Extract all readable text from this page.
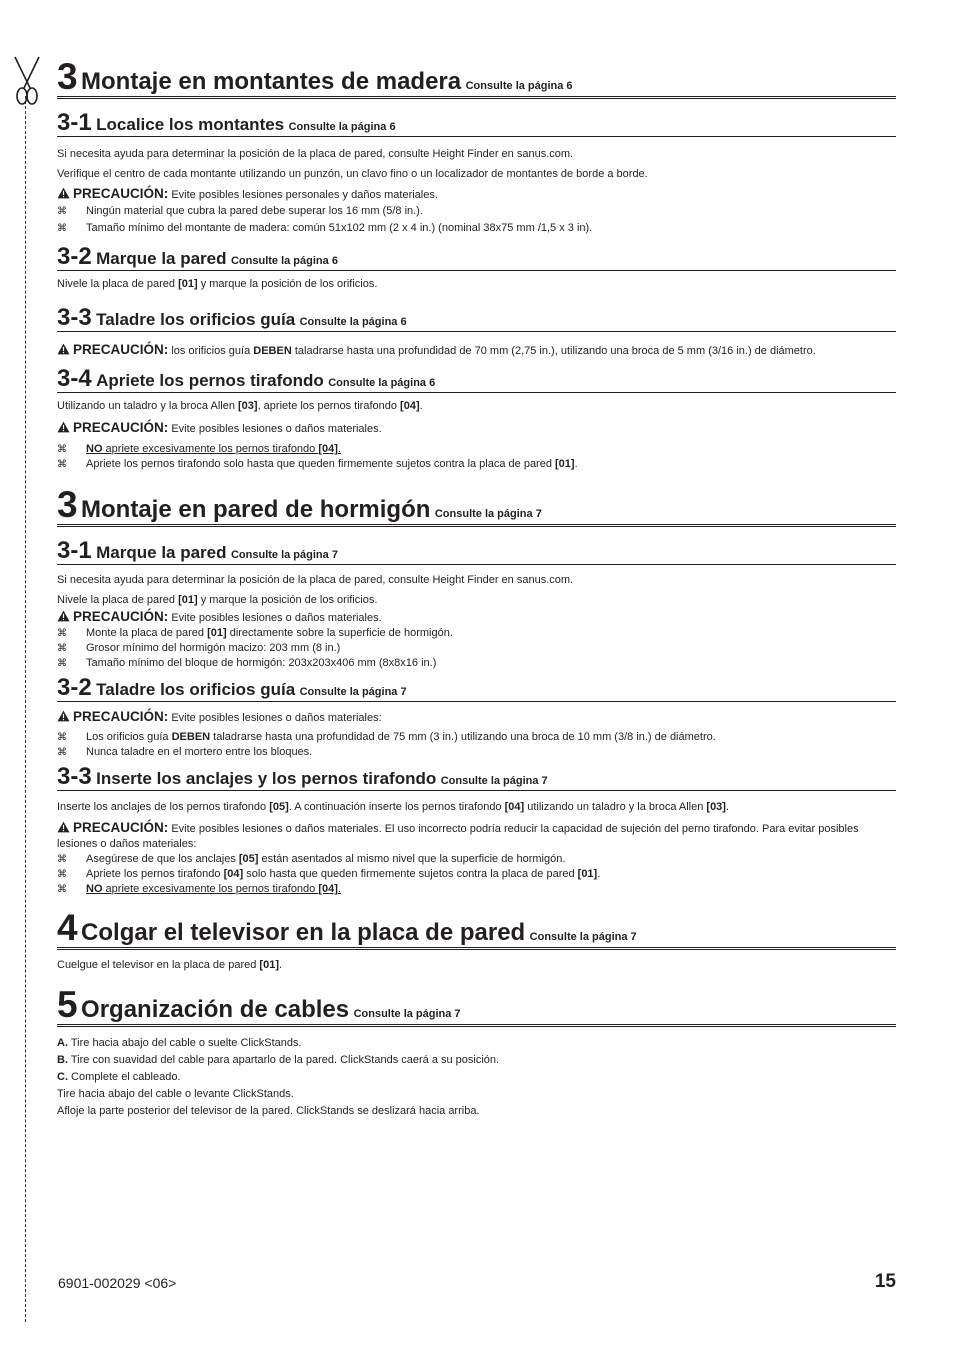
3 Montaje en montantes de madera Consulte la página 6
3-1 Localice los montantes Consulte la página 6

Si necesita ayuda para determinar la posición de la placa de pared, consulte Height Finder en sanus.com.

Verifique el centro de cada montante utilizando un punzón, un clavo fino o un localizador de montantes de borde a borde.

PRECAUCIÓN: Evite posibles lesiones personales y daños materiales.

⌘ Ningún material que cubra la pared debe superar los 16 mm (5/8 in.).
⌘ Tamaño mínimo del montante de madera: común 51x102 mm (2 x 4 in.) (nominal 38x75 mm /1,5 x 3 in).
3-2 Marque la pared Consulte la página 6

Nivele la placa de pared [01] y marque la posición de los orificios.

3-3 Taladre los orificios guía Consulte la página 6

PRECAUCIÓN: los orificios guía DEBEN taladrarse hasta una profundidad de 70 mm (2,75 in.), utilizando una broca de 5 mm (3/16 in.) de diámetro.

3-4 Apriete los pernos tirafondo Consulte la página 6

Utilizando un taladro y la broca Allen [03], apriete los pernos tirafondo [04].

PRECAUCIÓN: Evite posibles lesiones o daños materiales.

⌘ NO apriete excesivamente los pernos tirafondo [04].
⌘ Apriete los pernos tirafondo solo hasta que queden firmemente sujetos contra la placa de pared [01].
3 Montaje en pared de hormigón Consulte la página 7
3-1 Marque la pared Consulte la página 7

Si necesita ayuda para determinar la posición de la placa de pared, consulte Height Finder en sanus.com.

Nivele la placa de pared [01] y marque la posición de los orificios.

PRECAUCIÓN: Evite posibles lesiones o daños materiales.

⌘ Monte la placa de pared [01] directamente sobre la superficie de hormigón.
⌘ Grosor mínimo del hormigón macizo: 203 mm (8 in.)
⌘ Tamaño mínimo del bloque de hormigón: 203x203x406 mm (8x8x16 in.)
3-2 Taladre los orificios guía Consulte la página 7

PRECAUCIÓN: Evite posibles lesiones o daños materiales:

⌘ Los orificios guía DEBEN taladrarse hasta una profundidad de 75 mm (3 in.) utilizando una broca de 10 mm (3/8 in.) de diámetro.
⌘ Nunca taladre en el mortero entre los bloques.
3-3 Inserte los anclajes y los pernos tirafondo Consulte la página 7

Inserte los anclajes de los pernos tirafondo [05]. A continuación inserte los pernos tirafondo [04] utilizando un taladro y la broca Allen [03].

PRECAUCIÓN: Evite posibles lesiones o daños materiales. El uso incorrecto podría reducir la capacidad de sujeción del perno tirafondo. Para evitar posibles lesiones o daños materiales:

⌘ Asegúrese de que los anclajes [05] están asentados al mismo nivel que la superficie de hormigón.
⌘ Apriete los pernos tirafondo [04] solo hasta que queden firmemente sujetos contra la placa de pared [01].
⌘ NO apriete excesivamente los pernos tirafondo [04].
4 Colgar el televisor en la placa de pared Consulte la página 7

Cuelgue el televisor en la placa de pared [01].

5 Organización de cables Consulte la página 7

A. Tire hacia abajo del cable o suelte ClickStands.

B. Tire con suavidad del cable para apartarlo de la pared. ClickStands caerá a su posición.

C. Complete el cableado.

Tire hacia abajo del cable o levante ClickStands.

Afloje la parte posterior del televisor de la pared. ClickStands se deslizará hacia arriba.

6901-002029 <06>	15
